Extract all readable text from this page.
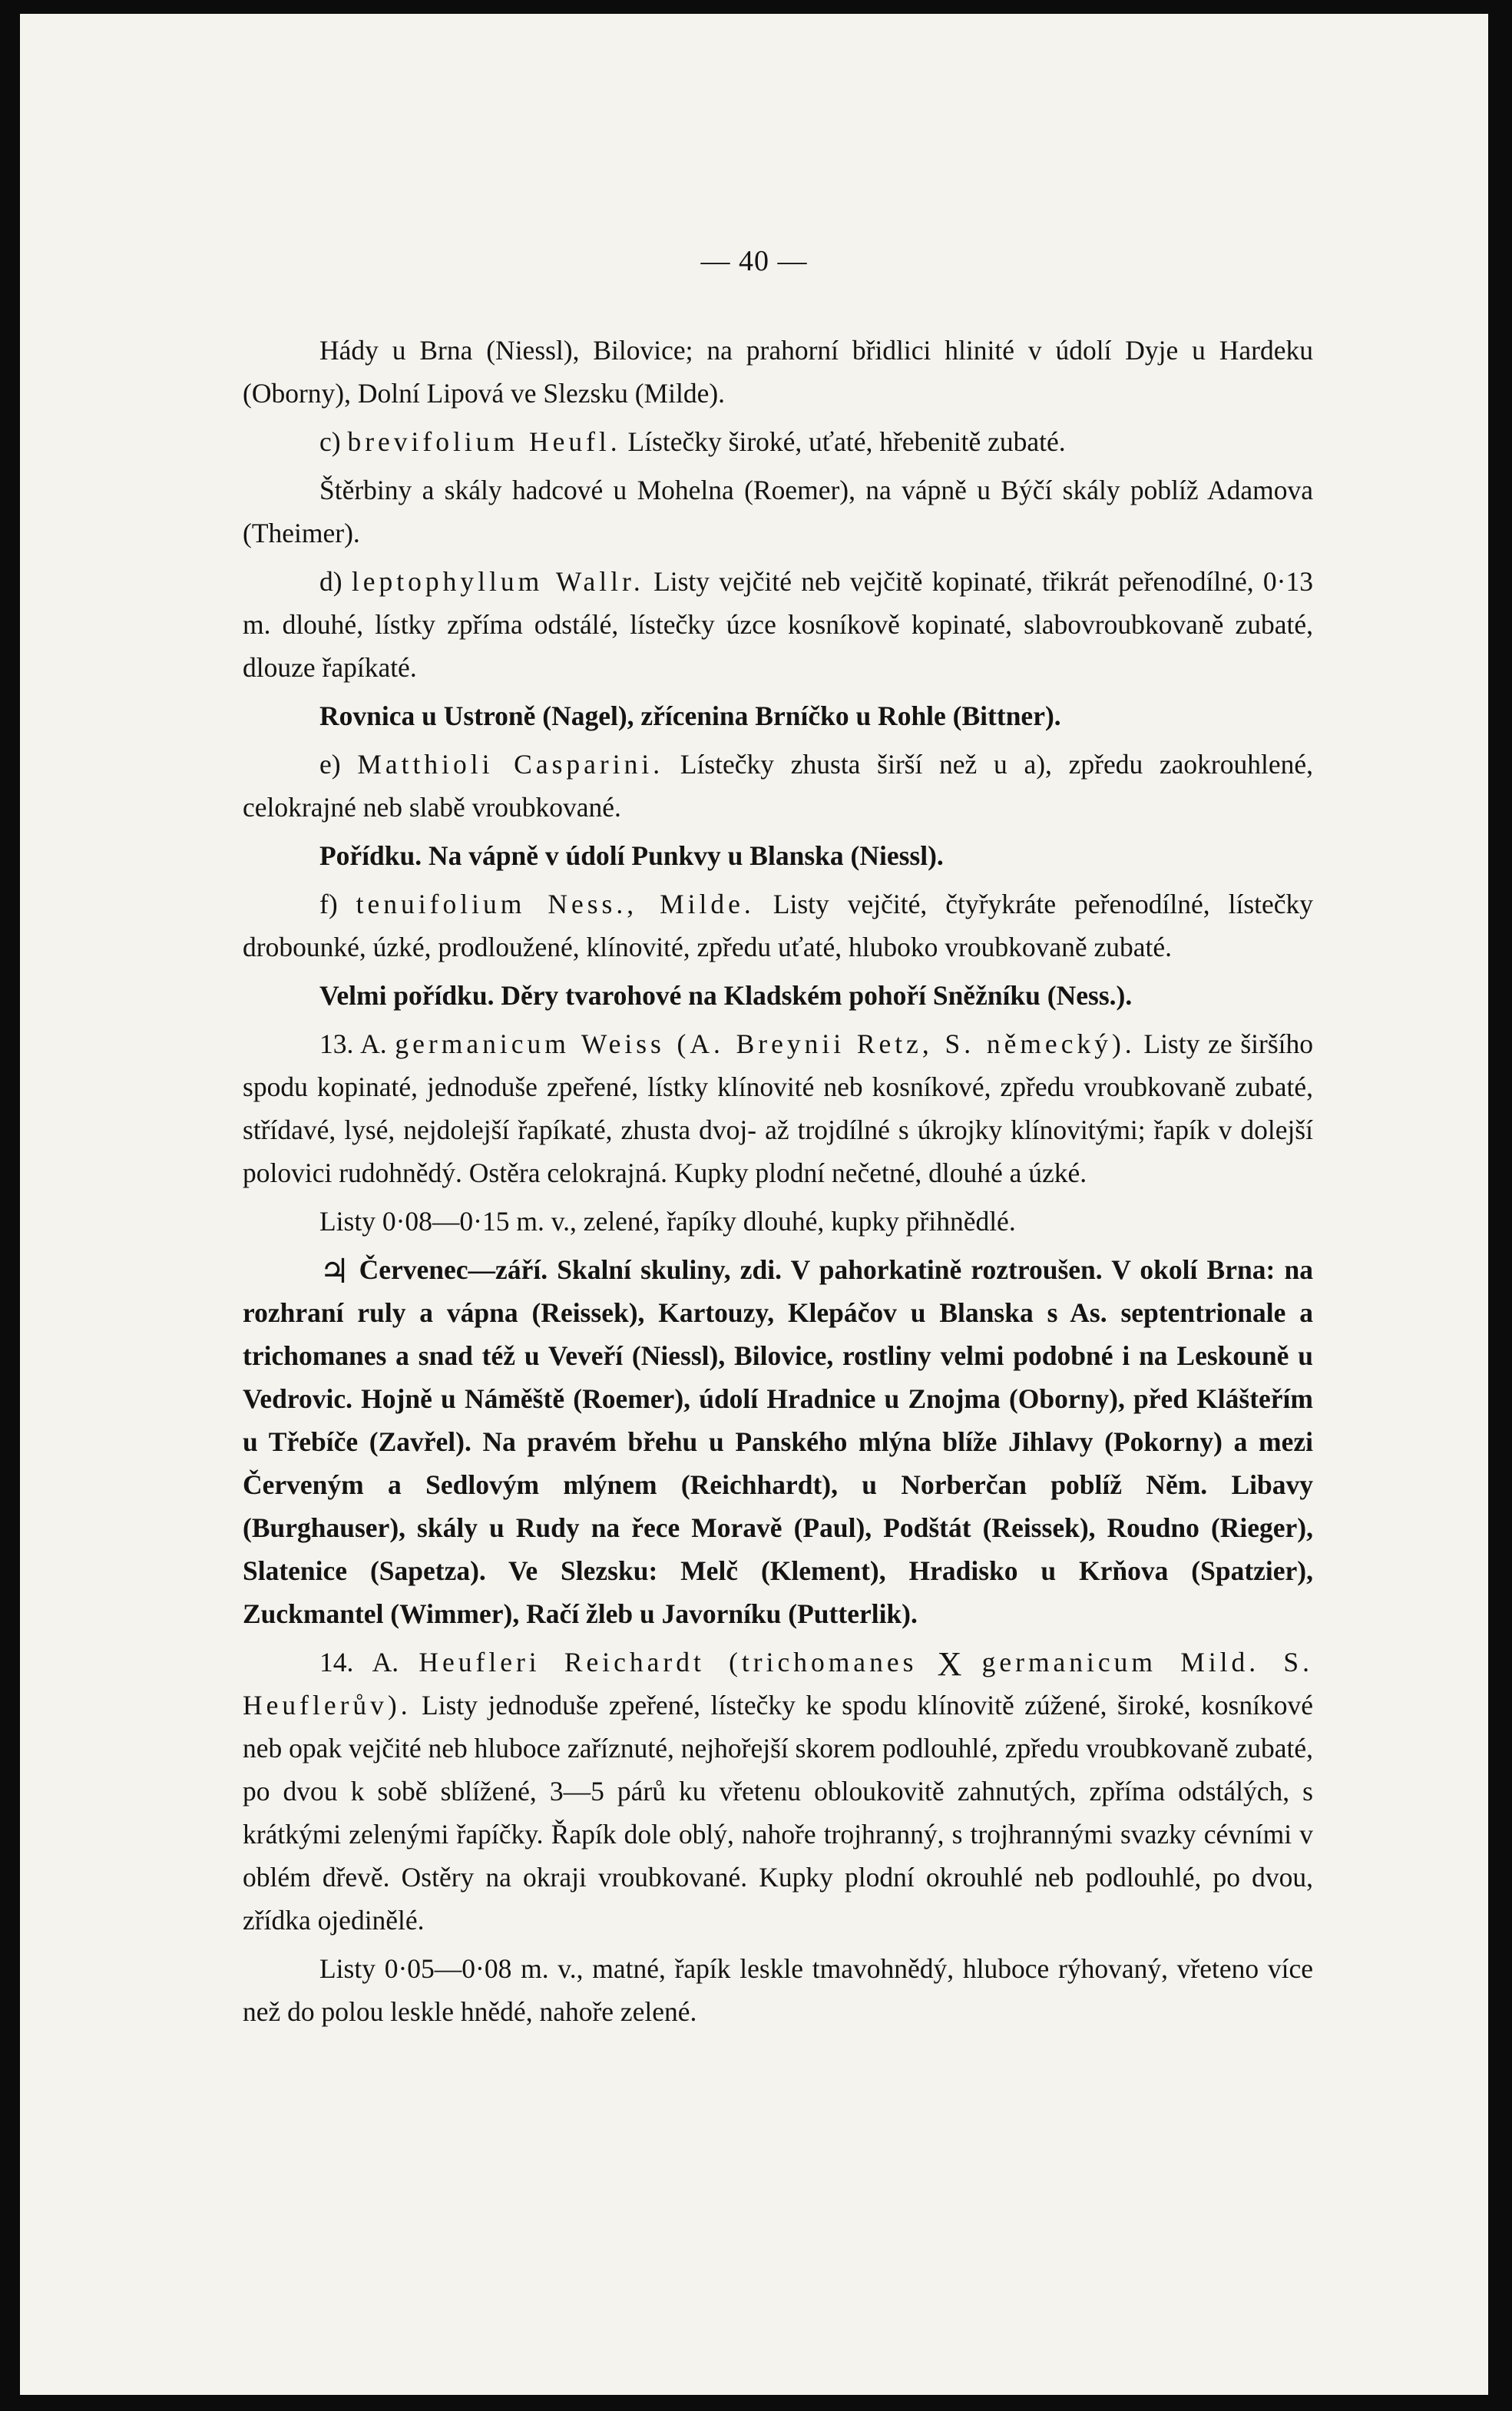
— 40 —

Hády u Brna (Niessl), Bilovice; na prahorní břidlici hlinité v údolí Dyje u Hardeku (Oborny), Dolní Lipová ve Slezsku (Milde).

c) brevifolium Heufl. Lístečky široké, uťaté, hřebenitě zubaté.

Štěrbiny a skály hadcové u Mohelna (Roemer), na vápně u Býčí skály poblíž Adamova (Theimer).

d) leptophyllum Wallr. Listy vejčité neb vejčitě kopinaté, třikrát peřenodílné, 0·13 m. dlouhé, lístky zpříma odstálé, lístečky úzce kosníkově kopinaté, slabovroubkovaně zubaté, dlouze řapíkaté.

Rovnica u Ustroně (Nagel), zřícenina Brníčko u Rohle (Bittner).

e) Matthioli Casparini. Lístečky zhusta širší než u a), zpředu zaokrouhlené, celokrajné neb slabě vroubkované.

Pořídku. Na vápně v údolí Punkvy u Blanska (Niessl).

f) tenuifolium Ness., Milde. Listy vejčité, čtyřykráte peřenodílné, lístečky drobounké, úzké, prodloužené, klínovité, zpředu uťaté, hluboko vroubkovaně zubaté.

Velmi pořídku. Děry tvarohové na Kladském pohoří Sněžníku (Ness.).

13. A. germanicum Weiss (A. Breynii Retz, S. německý). Listy ze širšího spodu kopinaté, jednoduše zpeřené, lístky klínovité neb kosníkové, zpředu vroubkovaně zubaté, střídavé, lysé, nejdolejší řapíkaté, zhusta dvoj- až trojdílné s úkrojky klínovitými; řapík v dolejší polovici rudohnědý. Ostěra celokrajná. Kupky plodní nečetné, dlouhé a úzké.

Listy 0·08—0·15 m. v., zelené, řapíky dlouhé, kupky přihnědlé.

♃ Červenec—září. Skalní skuliny, zdi. V pahorkatině roztroušen. V okolí Brna: na rozhraní ruly a vápna (Reissek), Kartouzy, Klepáčov u Blanska s As. septentrionale a trichomanes a snad též u Veveří (Niessl), Bilovice, rostliny velmi podobné i na Leskouně u Vedrovic. Hojně u Náměště (Roemer), údolí Hradnice u Znojma (Oborny), před Klášteřím u Třebíče (Zavřel). Na pravém břehu u Panského mlýna blíže Jihlavy (Pokorny) a mezi Červeným a Sedlovým mlýnem (Reichhardt), u Norberčan poblíž Něm. Libavy (Burghauser), skály u Rudy na řece Moravě (Paul), Podštát (Reissek), Roudno (Rieger), Slatenice (Sapetza). Ve Slezsku: Melč (Klement), Hradisko u Krňova (Spatzier), Zuckmantel (Wimmer), Račí žleb u Javorníku (Putterlik).

14. A. Heufleri Reichardt (trichomanes X germanicum Mild. S. Heuflerův). Listy jednoduše zpeřené, lístečky ke spodu klínovitě zúžené, široké, kosníkové neb opak vejčité neb hluboce zaříznuté, nejhořejší skorem podlouhlé, zpředu vroubkovaně zubaté, po dvou k sobě sblížené, 3—5 párů ku vřetenu obloukovitě zahnutých, zpříma odstálých, s krátkými zelenými řapíčky. Řapík dole oblý, nahoře trojhranný, s trojhrannými svazky cévními v oblém dřevě. Ostěry na okraji vroubkované. Kupky plodní okrouhlé neb podlouhlé, po dvou, zřídka ojedinělé.

Listy 0·05—0·08 m. v., matné, řapík leskle tmavohnědý, hluboce rýhovaný, vřeteno více než do polou leskle hnědé, nahoře zelené.
